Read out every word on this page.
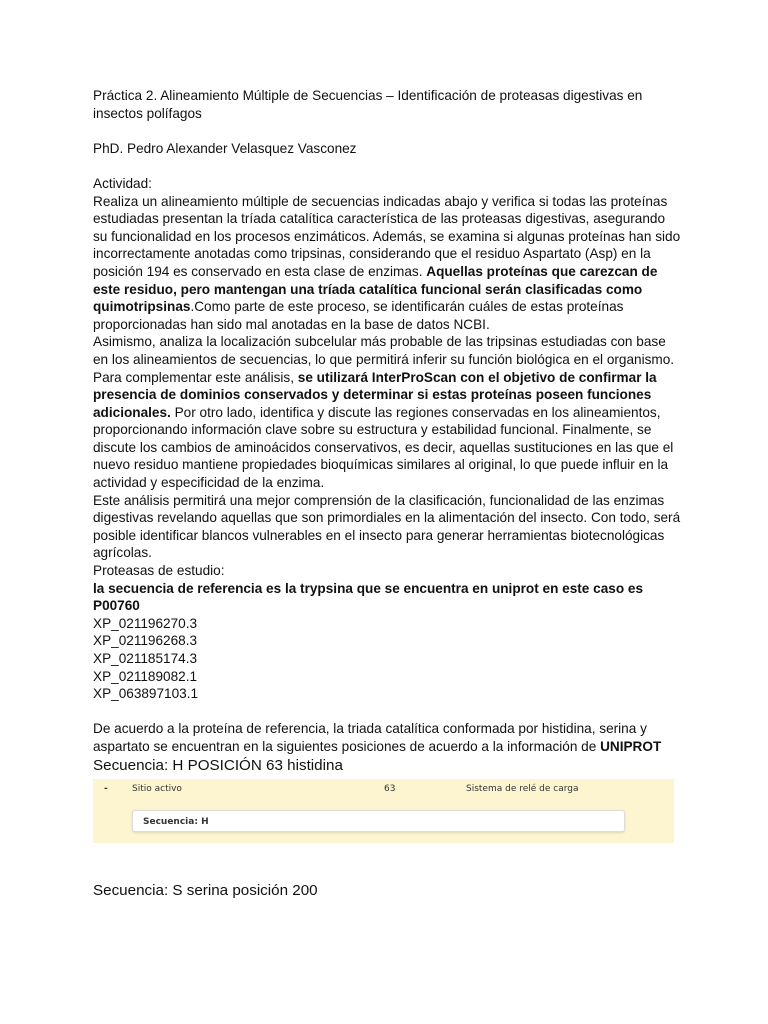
Práctica 2. Alineamiento Múltiple de Secuencias – Identificación de proteasas digestivas en insectos polífagos

PhD. Pedro Alexander Velasquez Vasconez

Actividad:

Realiza un alineamiento múltiple de secuencias indicadas abajo y verifica si todas las proteínas estudiadas presentan la tríada catalítica característica de las proteasas digestivas, asegurando su funcionalidad en los procesos enzimáticos. Además, se examina si algunas proteínas han sido incorrectamente anotadas como tripsinas, considerando que el residuo Aspartato (Asp) en la posición 194 es conservado en esta clase de enzimas. Aquellas proteínas que carezcan de este residuo, pero mantengan una tríada catalítica funcional serán clasificadas como quimotripsinas.Como parte de este proceso, se identificarán cuáles de estas proteínas proporcionadas han sido mal anotadas en la base de datos NCBI.

Asimismo, analiza la localización subcelular más probable de las tripsinas estudiadas con base en los alineamientos de secuencias, lo que permitirá inferir su función biológica en el organismo. Para complementar este análisis, se utilizará InterProScan con el objetivo de confirmar la presencia de dominios conservados y determinar si estas proteínas poseen funciones adicionales. Por otro lado, identifica y discute las regiones conservadas en los alineamientos, proporcionando información clave sobre su estructura y estabilidad funcional. Finalmente, se discute los cambios de aminoácidos conservativos, es decir, aquellas sustituciones en las que el nuevo residuo mantiene propiedades bioquímicas similares al original, lo que puede influir en la actividad y especificidad de la enzima.

Este análisis permitirá una mejor comprensión de la clasificación, funcionalidad de las enzimas digestivas revelando aquellas que son primordiales en la alimentación del insecto. Con todo, será posible identificar blancos vulnerables en el insecto para generar herramientas biotecnológicas agrícolas.

Proteasas de estudio:

la secuencia de referencia es la trypsina que se encuentra en uniprot en este caso es P00760

XP_021196270.3

XP_021196268.3

XP_021185174.3

XP_021189082.1

XP_063897103.1

De acuerdo a la proteína de referencia, la triada catalítica conformada por histidina, serina y aspartato se encuentran en la siguientes posiciones de acuerdo a la información de UNIPROT

Secuencia: H POSICIÓN 63 histidina

-	Sitio activo	63	Sistema de relé de carga
Secuencia: H

Secuencia: S serina posición 200
